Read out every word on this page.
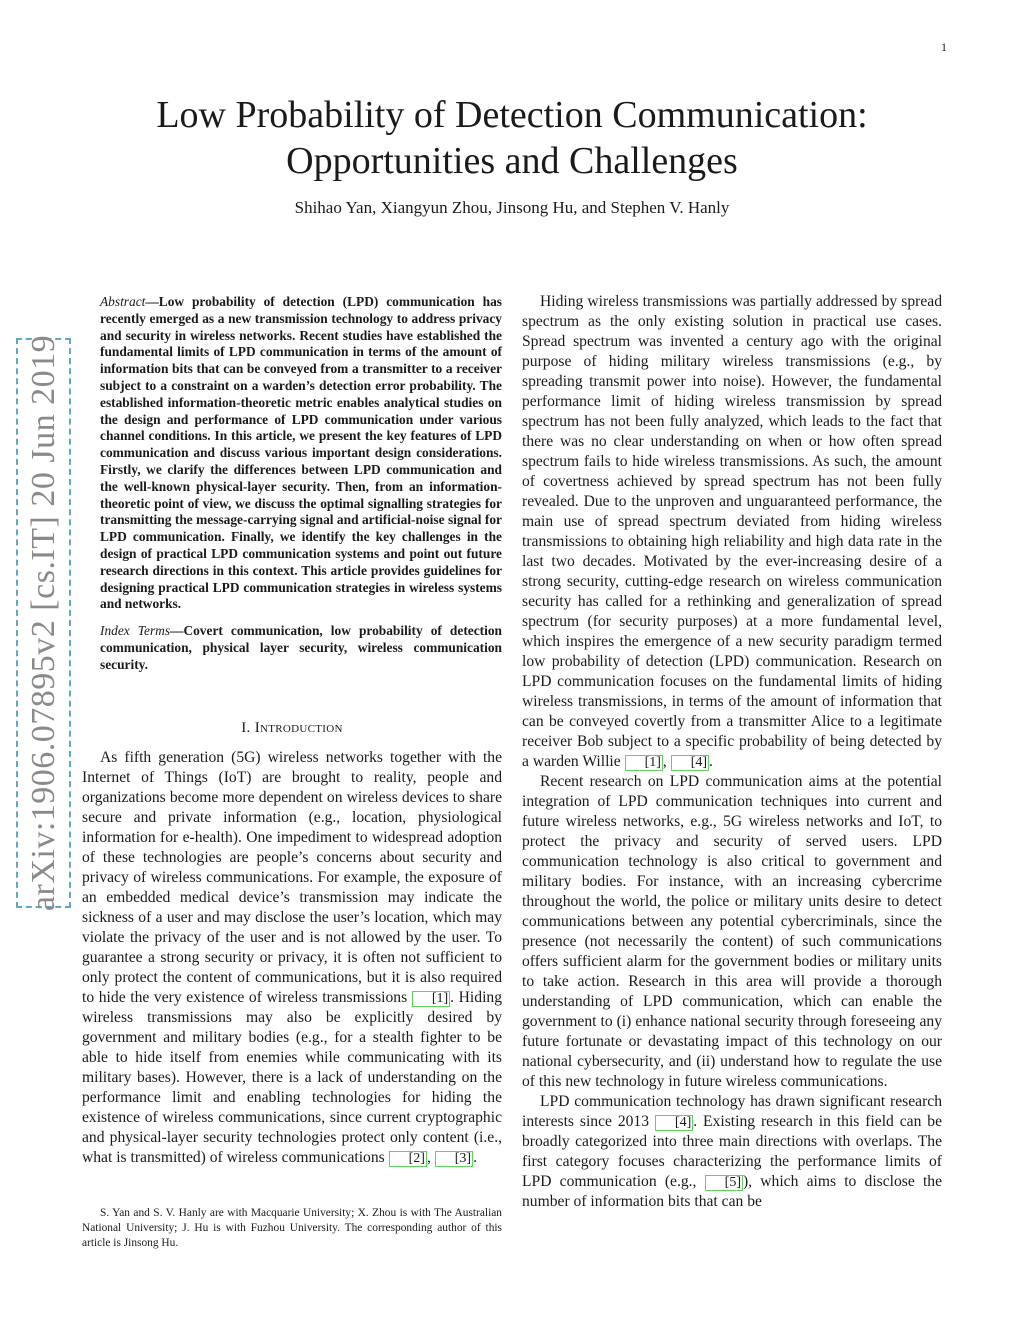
1
arXiv:1906.07895v2 [cs.IT] 20 Jun 2019
Low Probability of Detection Communication:
Opportunities and Challenges
Shihao Yan, Xiangyun Zhou, Jinsong Hu, and Stephen V. Hanly
Abstract—Low probability of detection (LPD) communication has recently emerged as a new transmission technology to address privacy and security in wireless networks. Recent studies have established the fundamental limits of LPD communication in terms of the amount of information bits that can be conveyed from a transmitter to a receiver subject to a constraint on a warden’s detection error probability. The established information-theoretic metric enables analytical studies on the design and performance of LPD communication under various channel conditions. In this article, we present the key features of LPD communication and discuss various important design considerations. Firstly, we clarify the differences between LPD communication and the well-known physical-layer security. Then, from an information-theoretic point of view, we discuss the optimal signalling strategies for transmitting the message-carrying signal and artificial-noise signal for LPD communication. Finally, we identify the key challenges in the design of practical LPD communication systems and point out future research directions in this context. This article provides guidelines for designing practical LPD communication strategies in wireless systems and networks.
Index Terms—Covert communication, low probability of detection communication, physical layer security, wireless communication security.
I. Introduction

As fifth generation (5G) wireless networks together with the Internet of Things (IoT) are brought to reality, people and organizations become more dependent on wireless devices to share secure and private information (e.g., location, physiological information for e-health). One impediment to widespread adoption of these technologies are people’s concerns about security and privacy of wireless communications. For example, the exposure of an embedded medical device’s transmission may indicate the sickness of a user and may disclose the user’s location, which may violate the privacy of the user and is not allowed by the user. To guarantee a strong security or privacy, it is often not sufficient to only protect the content of communications, but it is also required to hide the very existence of wireless transmissions [1] . Hiding wireless transmissions may also be explicitly desired by government and military bodies (e.g., for a stealth fighter to be able to hide itself from enemies while communicating with its military bases). However, there is a lack of understanding on the performance limit and enabling technologies for hiding the existence of wireless communications, since current cryptographic and physical-layer security technologies protect only content (i.e., what is transmitted) of wireless communications [2] , [3] .

S. Yan and S. V. Hanly are with Macquarie University; X. Zhou is with The Australian National University; J. Hu is with Fuzhou University. The corresponding author of this article is Jinsong Hu.

Hiding wireless transmissions was partially addressed by spread spectrum as the only existing solution in practical use cases. Spread spectrum was invented a century ago with the original purpose of hiding military wireless transmissions (e.g., by spreading transmit power into noise). However, the fundamental performance limit of hiding wireless transmission by spread spectrum has not been fully analyzed, which leads to the fact that there was no clear understanding on when or how often spread spectrum fails to hide wireless transmissions. As such, the amount of covertness achieved by spread spectrum has not been fully revealed. Due to the unproven and unguaranteed performance, the main use of spread spectrum deviated from hiding wireless transmissions to obtaining high reliability and high data rate in the last two decades. Motivated by the ever-increasing desire of a strong security, cutting-edge research on wireless communication security has called for a rethinking and generalization of spread spectrum (for security purposes) at a more fundamental level, which inspires the emergence of a new security paradigm termed low probability of detection (LPD) communication. Research on LPD communication focuses on the fundamental limits of hiding wireless transmissions, in terms of the amount of information that can be conveyed covertly from a transmitter Alice to a legitimate receiver Bob subject to a specific probability of being detected by a warden Willie [1] , [4] .

Recent research on LPD communication aims at the potential integration of LPD communication techniques into current and future wireless networks, e.g., 5G wireless networks and IoT, to protect the privacy and security of served users. LPD communication technology is also critical to government and military bodies. For instance, with an increasing cybercrime throughout the world, the police or military units desire to detect communications between any potential cybercriminals, since the presence (not necessarily the content) of such communications offers sufficient alarm for the government bodies or military units to take action. Research in this area will provide a thorough understanding of LPD communication, which can enable the government to (i) enhance national security through foreseeing any future fortunate or devastating impact of this technology on our national cybersecurity, and (ii) understand how to regulate the use of this new technology in future wireless communications.

LPD communication technology has drawn significant research interests since 2013 [4] . Existing research in this field can be broadly categorized into three main directions with overlaps. The first category focuses characterizing the performance limits of LPD communication (e.g., [5] ), which aims to disclose the number of information bits that can be
